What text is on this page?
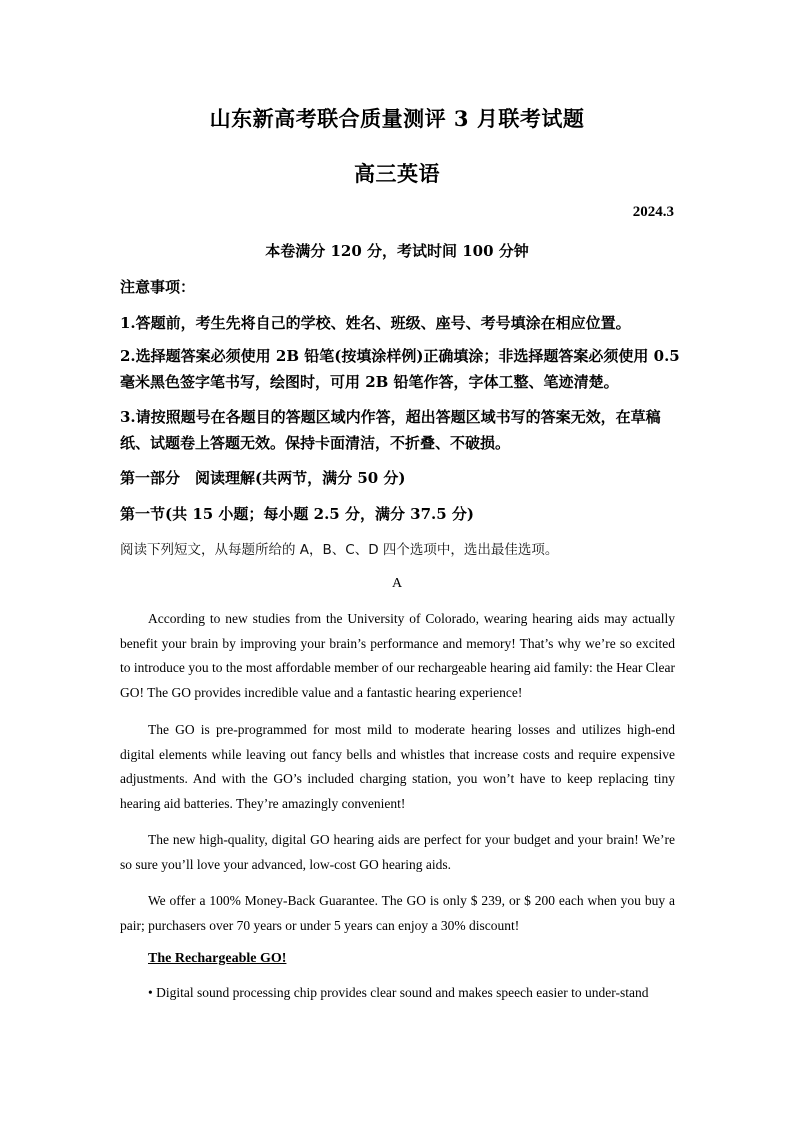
山东新高考联合质量测评 3 月联考试题
高三英语
2024.3
本卷满分 120 分，考试时间 100 分钟
注意事项：
1.答题前，考生先将自己的学校、姓名、班级、座号、考号填涂在相应位置。
2.选择题答案必须使用 2B 铅笔(按填涂样例)正确填涂；非选择题答案必须使用 0.5 毫米黑色签字笔书写，绘图时，可用 2B 铅笔作答，字体工整、笔迹清楚。
3.请按照题号在各题目的答题区域内作答，超出答题区域书写的答案无效，在草稿纸、试题卷上答题无效。保持卡面清洁，不折叠、不破损。
第一部分　阅读理解(共两节，满分 50 分)
第一节(共 15 小题；每小题 2.5 分，满分 37.5 分)
阅读下列短文，从每题所给的 A，B、C、D 四个选项中，选出最佳选项。
A
According to new studies from the University of Colorado, wearing hearing aids may actually benefit your brain by improving your brain’s performance and memory! That’s why we’re so excited to introduce you to the most affordable member of our rechargeable hearing aid family: the Hear Clear GO! The GO provides incredible value and a fantastic hearing experience!
The GO is pre-programmed for most mild to moderate hearing losses and utilizes high-end digital elements while leaving out fancy bells and whistles that increase costs and require expensive adjustments. And with the GO’s included charging station, you won’t have to keep replacing tiny hearing aid batteries. They’re amazingly convenient!
The new high-quality, digital GO hearing aids are perfect for your budget and your brain! We’re so sure you’ll love your advanced, low-cost GO hearing aids.
We offer a 100% Money-Back Guarantee. The GO is only $ 239, or $ 200 each when you buy a pair; purchasers over 70 years or under 5 years can enjoy a 30% discount!
The Rechargeable GO!
• Digital sound processing chip provides clear sound and makes speech easier to under-stand
